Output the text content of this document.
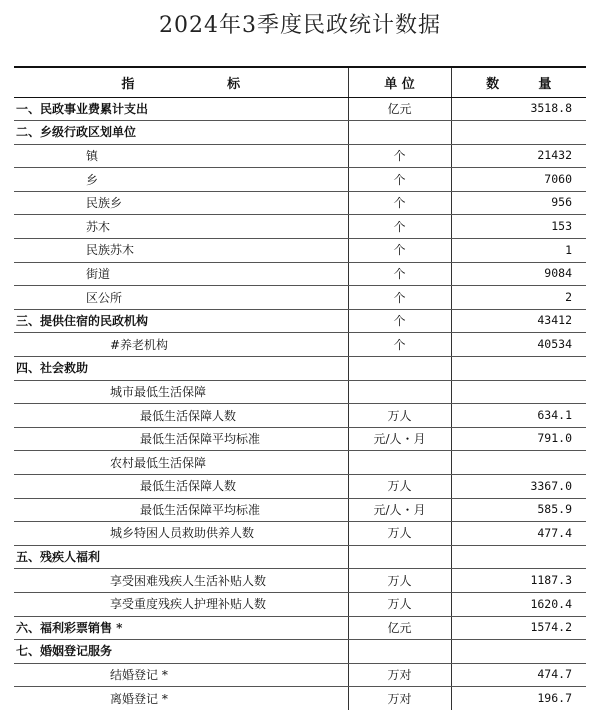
2024年3季度民政统计数据
指 标	单 位	数 量

一、民政事业费累计支出	亿元	3518.8
二、乡级行政区划单位		
镇	个	21432
乡	个	7060
民族乡	个	956
苏木	个	153
民族苏木	个	1
街道	个	9084
区公所	个	2
三、提供住宿的民政机构	个	43412
#养老机构	个	40534
四、社会救助		
城市最低生活保障		
最低生活保障人数	万人	634.1
最低生活保障平均标准	元/人・月	791.0
农村最低生活保障		
最低生活保障人数	万人	3367.0
最低生活保障平均标准	元/人・月	585.9
城乡特困人员救助供养人数	万人	477.4
五、残疾人福利		
享受困难残疾人生活补贴人数	万人	1187.3
享受重度残疾人护理补贴人数	万人	1620.4
六、福利彩票销售 *	亿元	1574.2
七、婚姻登记服务		
结婚登记 *	万对	474.7
离婚登记 *	万对	196.7
